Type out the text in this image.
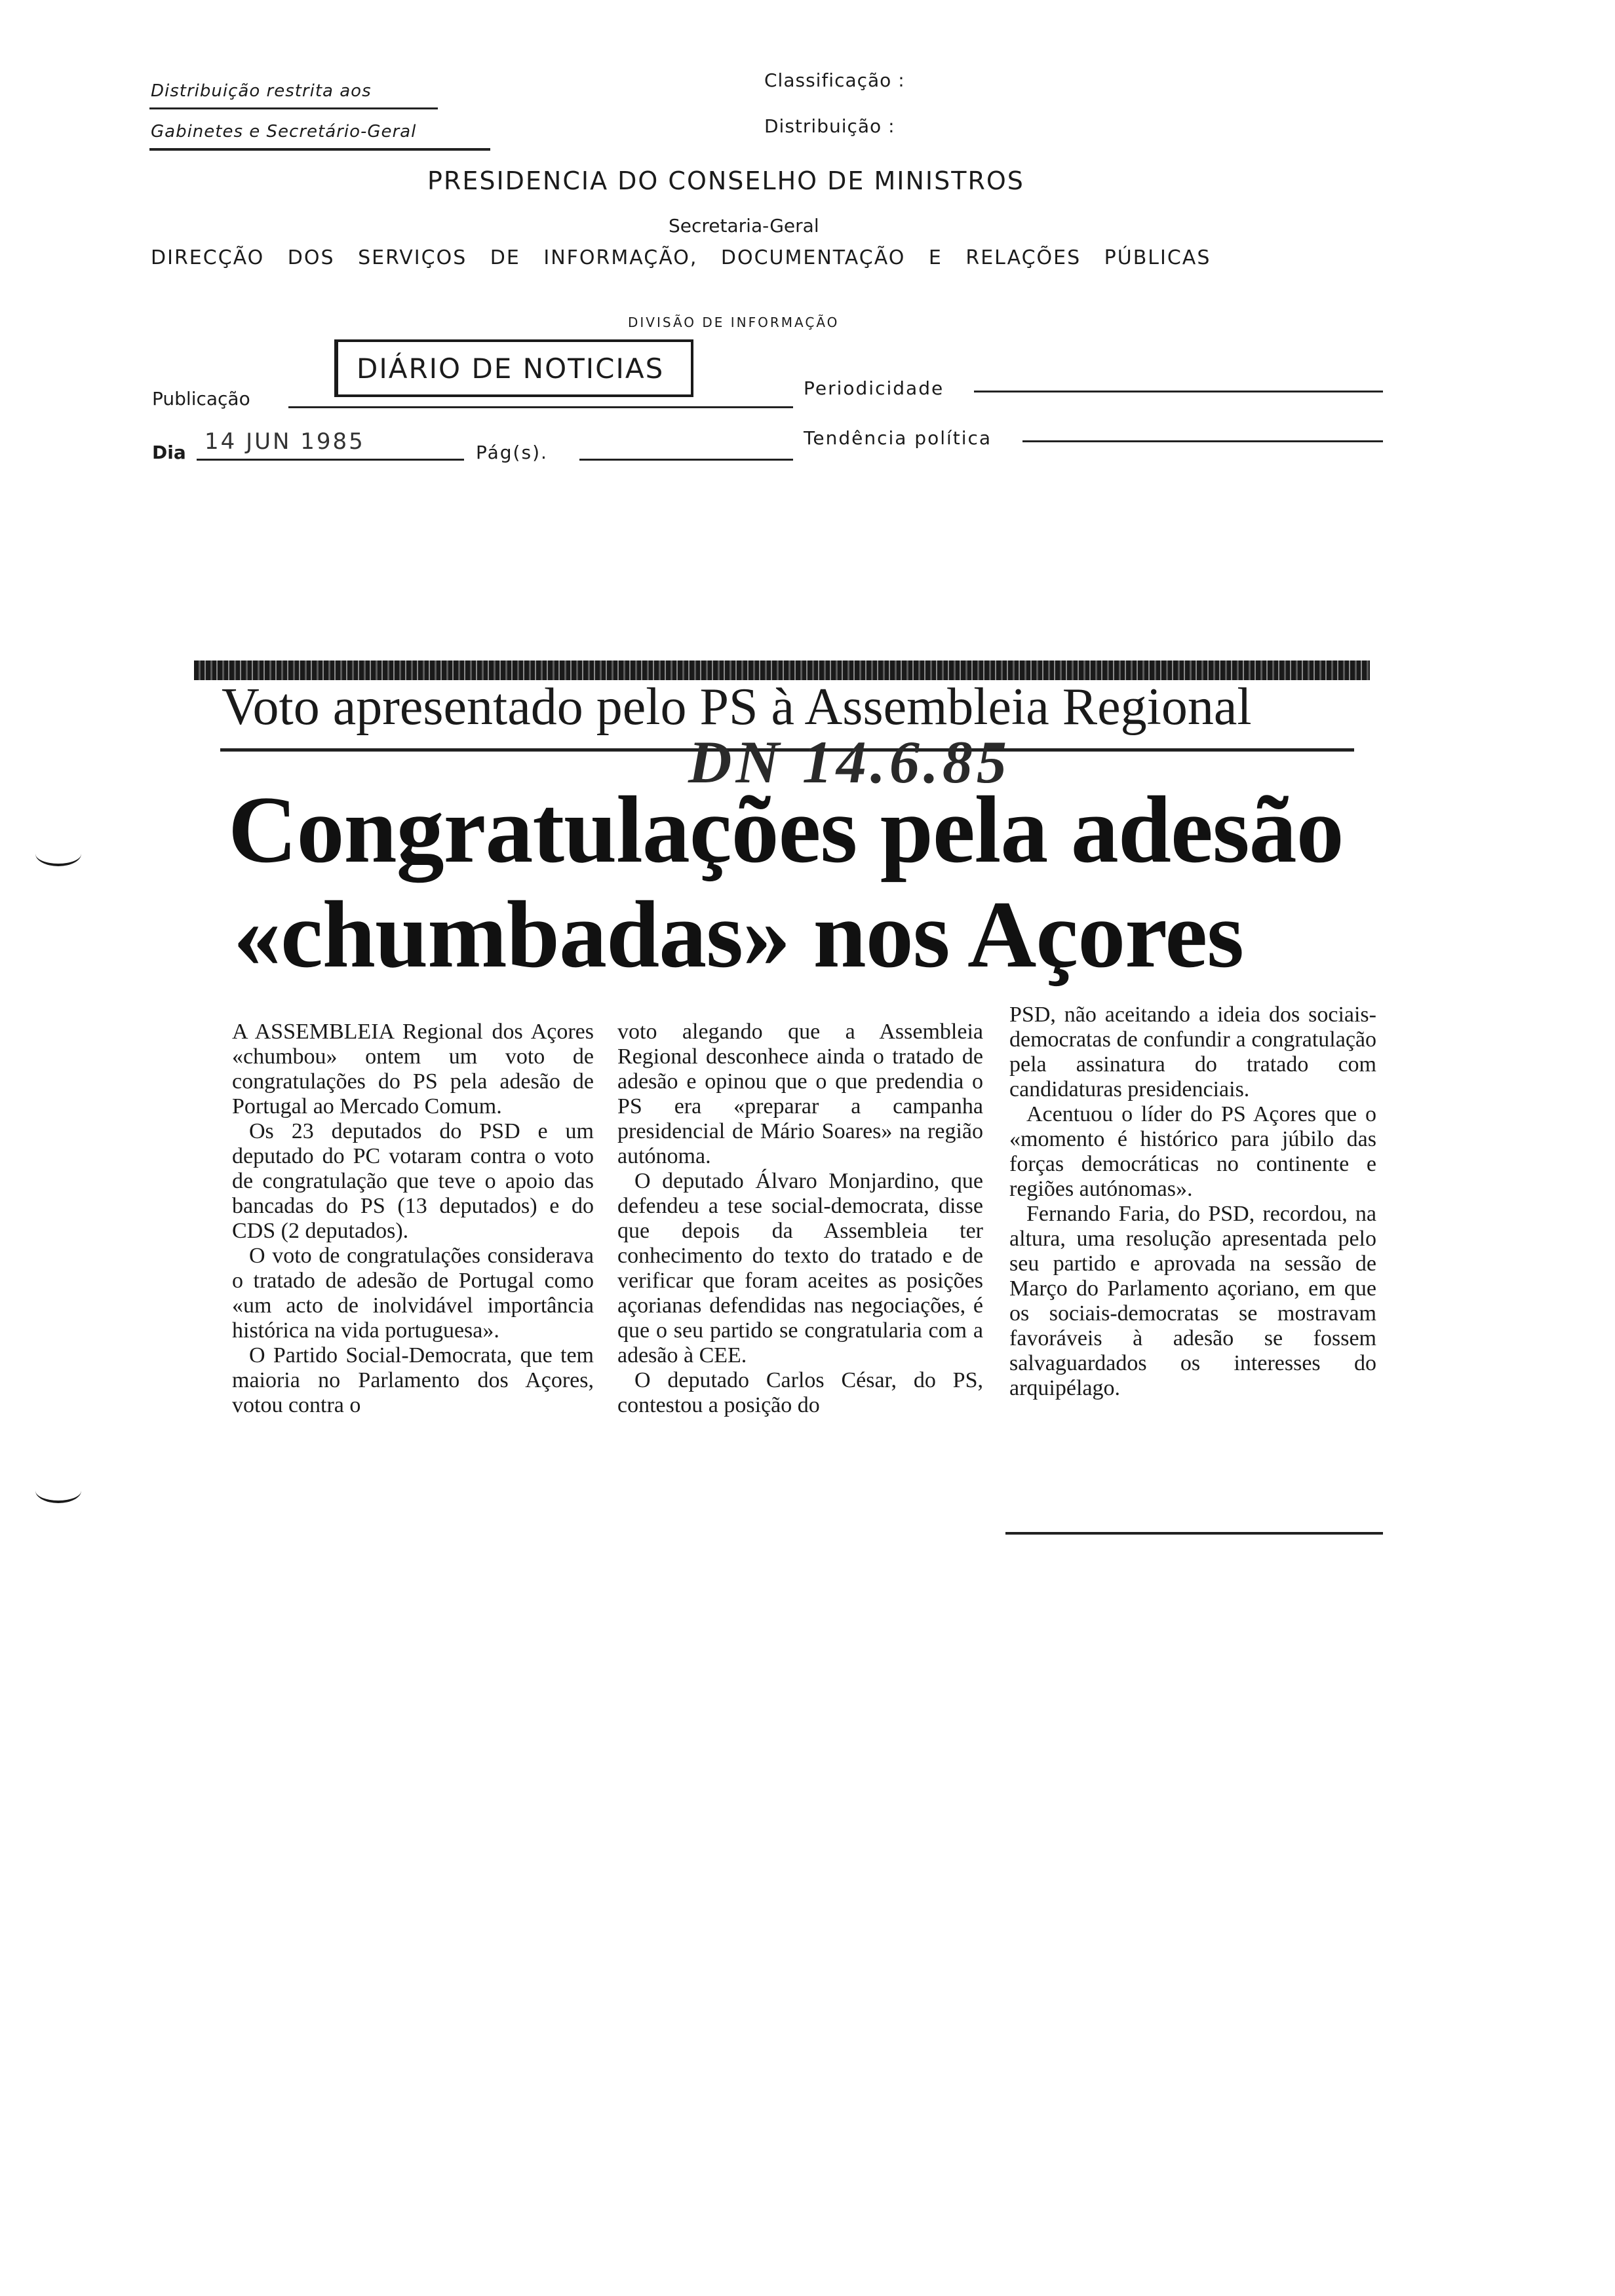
Distribuição restrita aos
Gabinetes e Secretário-Geral
Classificação :
Distribuição :
PRESIDENCIA DO CONSELHO DE MINISTROS
Secretaria-Geral
DIRECÇÃO DOS SERVIÇOS DE INFORMAÇÃO, DOCUMENTAÇÃO E RELAÇÕES PÚBLICAS
DIVISÃO DE INFORMAÇÃO
Publicação
DIÁRIO DE NOTICIAS
Periodicidade
Dia 14 JUN 1985	Pág(s).
Tendência política
Voto apresentado pelo PS à Assembleia Regional
DN 14.6.85
Congratulações pela adesão
«chumbadas» nos Açores

A ASSEMBLEIA Regional dos Açores «chumbou» ontem um voto de congratulações do PS pela adesão de Portugal ao Mercado Comum.

Os 23 deputados do PSD e um deputado do PC votaram contra o voto de congratulação que teve o apoio das bancadas do PS (13 deputados) e do CDS (2 deputados).

O voto de congratulações considerava o tratado de adesão de Portugal como «um acto de inolvidável importância histórica na vida portuguesa».

O Partido Social-Democrata, que tem maioria no Parlamento dos Açores, votou contra o

voto alegando que a Assembleia Regional desconhece ainda o tratado de adesão e opinou que o que predendia o PS era «preparar a campanha presidencial de Mário Soares» na região autónoma.

O deputado Álvaro Monjardino, que defendeu a tese social-democrata, disse que depois da Assembleia ter conhecimento do texto do tratado e de verificar que foram aceites as posições açorianas defendidas nas negociações, é que o seu partido se congratularia com a adesão à CEE.

O deputado Carlos César, do PS, contestou a posição do

PSD, não aceitando a ideia dos sociais-democratas de confundir a congratulação pela assinatura do tratado com candidaturas presidenciais.

Acentuou o líder do PS Açores que o «momento é histórico para júbilo das forças democráticas no continente e regiões autónomas».

Fernando Faria, do PSD, recordou, na altura, uma resolução apresentada pelo seu partido e aprovada na sessão de Março do Parlamento açoriano, em que os sociais-democratas se mostravam favoráveis à adesão se fossem salvaguardados os interesses do arquipélago.
